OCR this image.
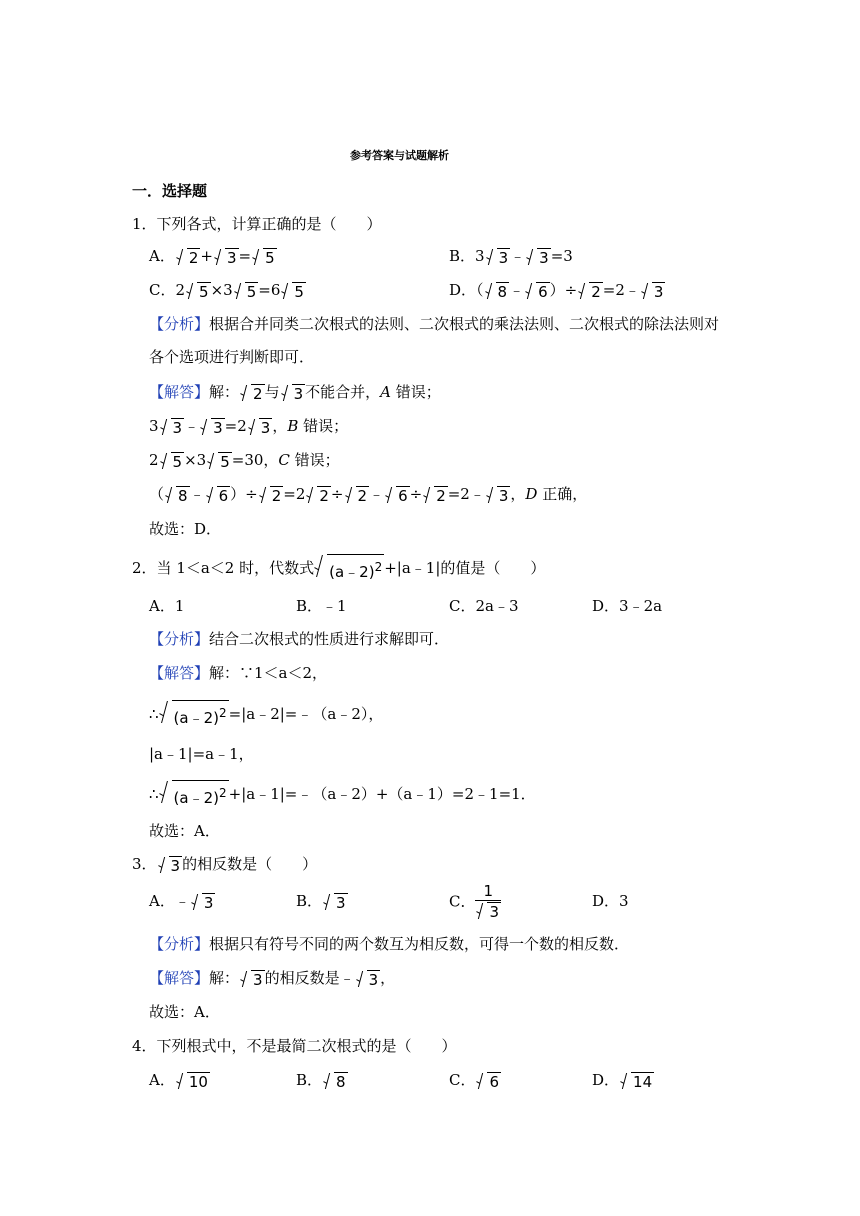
参考答案与试题解析
一．选择题
1．下列各式，计算正确的是（　　）
A． 2 + 3 = 5	B．3 3 ﹣ 3 =3
C．2 5 ×3 5 =6 5	D．（ 8 ﹣ 6 ）÷ 2 =2﹣ 3
【分析】根据合并同类二次根式的法则、二次根式的乘法法则、二次根式的除法法则对
各个选项进行判断即可．
【解答】解： 2 与 3 不能合并，A 错误；
3 3 ﹣ 3 =2 3 ，B 错误；
2 5 ×3 5 =30，C 错误；
（ 8 ﹣ 6 ）÷ 2 =2 2 ÷ 2 ﹣ 6 ÷ 2 =2﹣ 3 ，D 正确，
故选：D．
2．当 1＜a＜2 时，代数式 (a﹣2)$^2$ +|a﹣1|的值是（　　）
A．1	B．﹣1	C．2a﹣3	D．3﹣2a
【分析】结合二次根式的性质进行求解即可．
【解答】解：∵1＜a＜2，
∴ (a﹣2)$^2$ =|a﹣2|=﹣（a﹣2），
|a﹣1|=a﹣1，
∴ (a﹣2)$^2$ +|a﹣1|=﹣（a﹣2）+（a﹣1）=2﹣1=1．
故选：A．
3． 3 的相反数是（　　）
A．﹣ 3	B． 3	C． $\frac{1}{3}$	D．3
【分析】根据只有符号不同的两个数互为相反数，可得一个数的相反数．
【解答】解： 3 的相反数是﹣ 3 ，
故选：A．
4．下列根式中，不是最简二次根式的是（　　）
A． 10	B． 8	C． 6	D． 14
